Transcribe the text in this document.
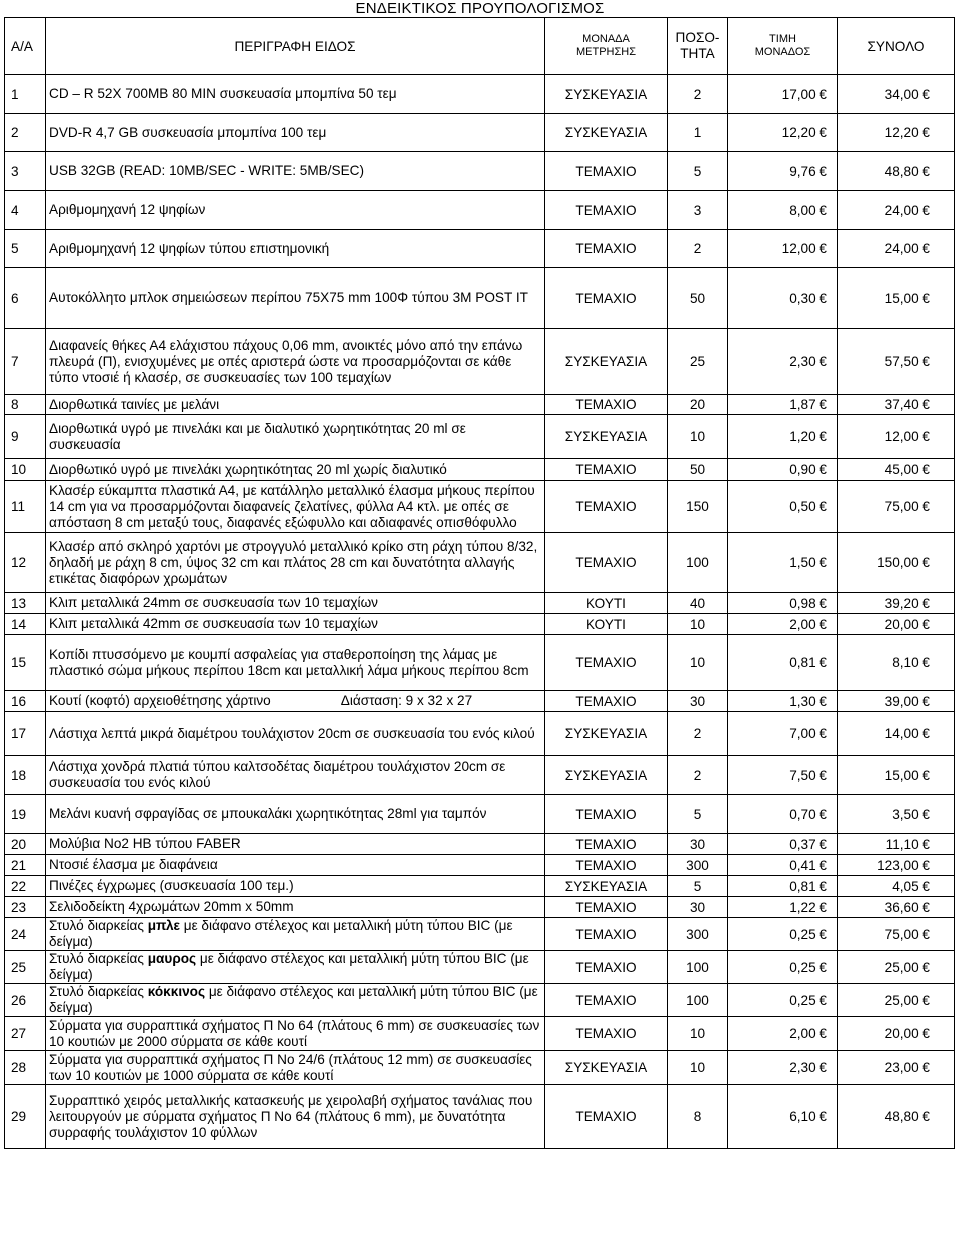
ΕΝΔΕΙΚΤΙΚΟΣ ΠΡΟΥΠΟΛΟΓΙΣΜΟΣ
Α/Α	ΠΕΡΙΓΡΑΦΗ ΕΙΔΟΣ	ΜΟΝΑΔΑ ΜΕΤΡΗΣΗΣ	ΠΟΣΟ-ΤΗΤΑ	ΤΙΜΗ ΜΟΝΑΔΟΣ	ΣΥΝΟΛΟ
1	CD – R 52X 700MB 80 MIN συσκευασία μπομπίνα 50 τεμ	ΣΥΣΚΕΥΑΣΙΑ	2	17,00 €	34,00 €
2	DVD-R 4,7 GB συσκευασία μπομπίνα 100 τεμ	ΣΥΣΚΕΥΑΣΙΑ	1	12,20 €	12,20 €
3	USB 32GB (READ: 10MB/SEC - WRITE: 5MB/SEC)	ΤΕΜΑΧΙΟ	5	9,76 €	48,80 €
4	Αριθμομηχανή 12 ψηφίων	ΤΕΜΑΧΙΟ	3	8,00 €	24,00 €
5	Αριθμομηχανή 12 ψηφίων τύπου επιστημονική	ΤΕΜΑΧΙΟ	2	12,00 €	24,00 €
6	Αυτοκόλλητο μπλοκ σημειώσεων περίπου 75Χ75 mm 100Φ τύπου 3Μ POST IT	ΤΕΜΑΧΙΟ	50	0,30 €	15,00 €
7	Διαφανείς θήκες Α4 ελάχιστου πάχους 0,06 mm, ανοικτές μόνο από την επάνω πλευρά (Π), ενισχυμένες με οπές αριστερά ώστε να προσαρμόζονται σε κάθε τύπο ντοσιέ ή κλασέρ, σε συσκευασίες των 100 τεμαχίων	ΣΥΣΚΕΥΑΣΙΑ	25	2,30 €	57,50 €
8	Διορθωτικά ταινίες με μελάνι	ΤΕΜΑΧΙΟ	20	1,87 €	37,40 €
9	Διορθωτικά υγρό με πινελάκι και με διαλυτικό χωρητικότητας 20 ml σε συσκευασία	ΣΥΣΚΕΥΑΣΙΑ	10	1,20 €	12,00 €
10	Διορθωτικό υγρό με πινελάκι χωρητικότητας 20 ml χωρίς διαλυτικό	ΤΕΜΑΧΙΟ	50	0,90 €	45,00 €
11	Κλασέρ εύκαμπτα πλαστικά Α4, με κατάλληλο μεταλλικό έλασμα μήκους περίπου 14 cm για να προσαρμόζονται διαφανείς ζελατίνες, φύλλα Α4 κτλ. με οπές σε απόσταση 8 cm μεταξύ τους, διαφανές εξώφυλλο και αδιαφανές οπισθόφυλλο	ΤΕΜΑΧΙΟ	150	0,50 €	75,00 €
12	Κλασέρ από σκληρό χαρτόνι με στρογγυλό μεταλλικό κρίκο στη ράχη τύπου 8/32, δηλαδή με ράχη 8 cm, ύψος 32 cm και πλάτος 28 cm και δυνατότητα αλλαγής ετικέτας διαφόρων χρωμάτων	ΤΕΜΑΧΙΟ	100	1,50 €	150,00 €
13	Κλιπ μεταλλικά 24mm σε συσκευασία των 10 τεμαχίων	ΚΟΥΤΙ	40	0,98 €	39,20 €
14	Κλιπ μεταλλικά 42mm σε συσκευασία των 10 τεμαχίων	ΚΟΥΤΙ	10	2,00 €	20,00 €
15	Κοπίδι πτυσσόμενο με κουμπί ασφαλείας για σταθεροποίηση της λάμας με πλαστικό σώμα μήκους περίπου 18cm και μεταλλική λάμα μήκους περίπου 8cm	ΤΕΜΑΧΙΟ	10	0,81 €	8,10 €
16	Κουτί (κοφτό) αρχειοθέτησης χάρτινο Διάσταση: 9 x 32 x 27	ΤΕΜΑΧΙΟ	30	1,30 €	39,00 €
17	Λάστιχα λεπτά μικρά διαμέτρου τουλάχιστον 20cm σε συσκευασία του ενός κιλού	ΣΥΣΚΕΥΑΣΙΑ	2	7,00 €	14,00 €
18	Λάστιχα χονδρά πλατιά τύπου καλτσοδέτας διαμέτρου τουλάχιστον 20cm σε συσκευασία του ενός κιλού	ΣΥΣΚΕΥΑΣΙΑ	2	7,50 €	15,00 €
19	Μελάνι κυανή σφραγίδας σε μπουκαλάκι χωρητικότητας 28ml για ταμπόν	ΤΕΜΑΧΙΟ	5	0,70 €	3,50 €
20	Μολύβια Νο2 ΗΒ τύπου FABER	ΤΕΜΑΧΙΟ	30	0,37 €	11,10 €
21	Ντοσιέ έλασμα με διαφάνεια	ΤΕΜΑΧΙΟ	300	0,41 €	123,00 €
22	Πινέζες έγχρωμες (συσκευασία 100 τεμ.)	ΣΥΣΚΕΥΑΣΙΑ	5	0,81 €	4,05 €
23	Σελιδοδείκτη 4χρωμάτων 20mm x 50mm	ΤΕΜΑΧΙΟ	30	1,22 €	36,60 €
24	Στυλό διαρκείας μπλε με διάφανο στέλεχος και μεταλλική μύτη τύπου BIC (με δείγμα)	ΤΕΜΑΧΙΟ	300	0,25 €	75,00 €
25	Στυλό διαρκείας μαυρος με διάφανο στέλεχος και μεταλλική μύτη τύπου BIC (με δείγμα)	ΤΕΜΑΧΙΟ	100	0,25 €	25,00 €
26	Στυλό διαρκείας κόκκινος με διάφανο στέλεχος και μεταλλική μύτη τύπου BIC (με δείγμα)	ΤΕΜΑΧΙΟ	100	0,25 €	25,00 €
27	Σύρματα για συρραπτικά σχήματος Π Νο 64 (πλάτους 6 mm) σε συσκευασίες των 10 κουτιών με 2000 σύρματα σε κάθε κουτί	ΤΕΜΑΧΙΟ	10	2,00 €	20,00 €
28	Σύρματα για συρραπτικά σχήματος Π Νο 24/6 (πλάτους 12 mm) σε συσκευασίες των 10 κουτιών με 1000 σύρματα σε κάθε κουτί	ΣΥΣΚΕΥΑΣΙΑ	10	2,30 €	23,00 €
29	Συρραπτικό χειρός μεταλλικής κατασκευής με χειρολαβή σχήματος τανάλιας που λειτουργούν με σύρματα σχήματος Π Νο 64 (πλάτους 6 mm), με δυνατότητα συρραφής τουλάχιστον 10 φύλλων	ΤΕΜΑΧΙΟ	8	6,10 €	48,80 €
